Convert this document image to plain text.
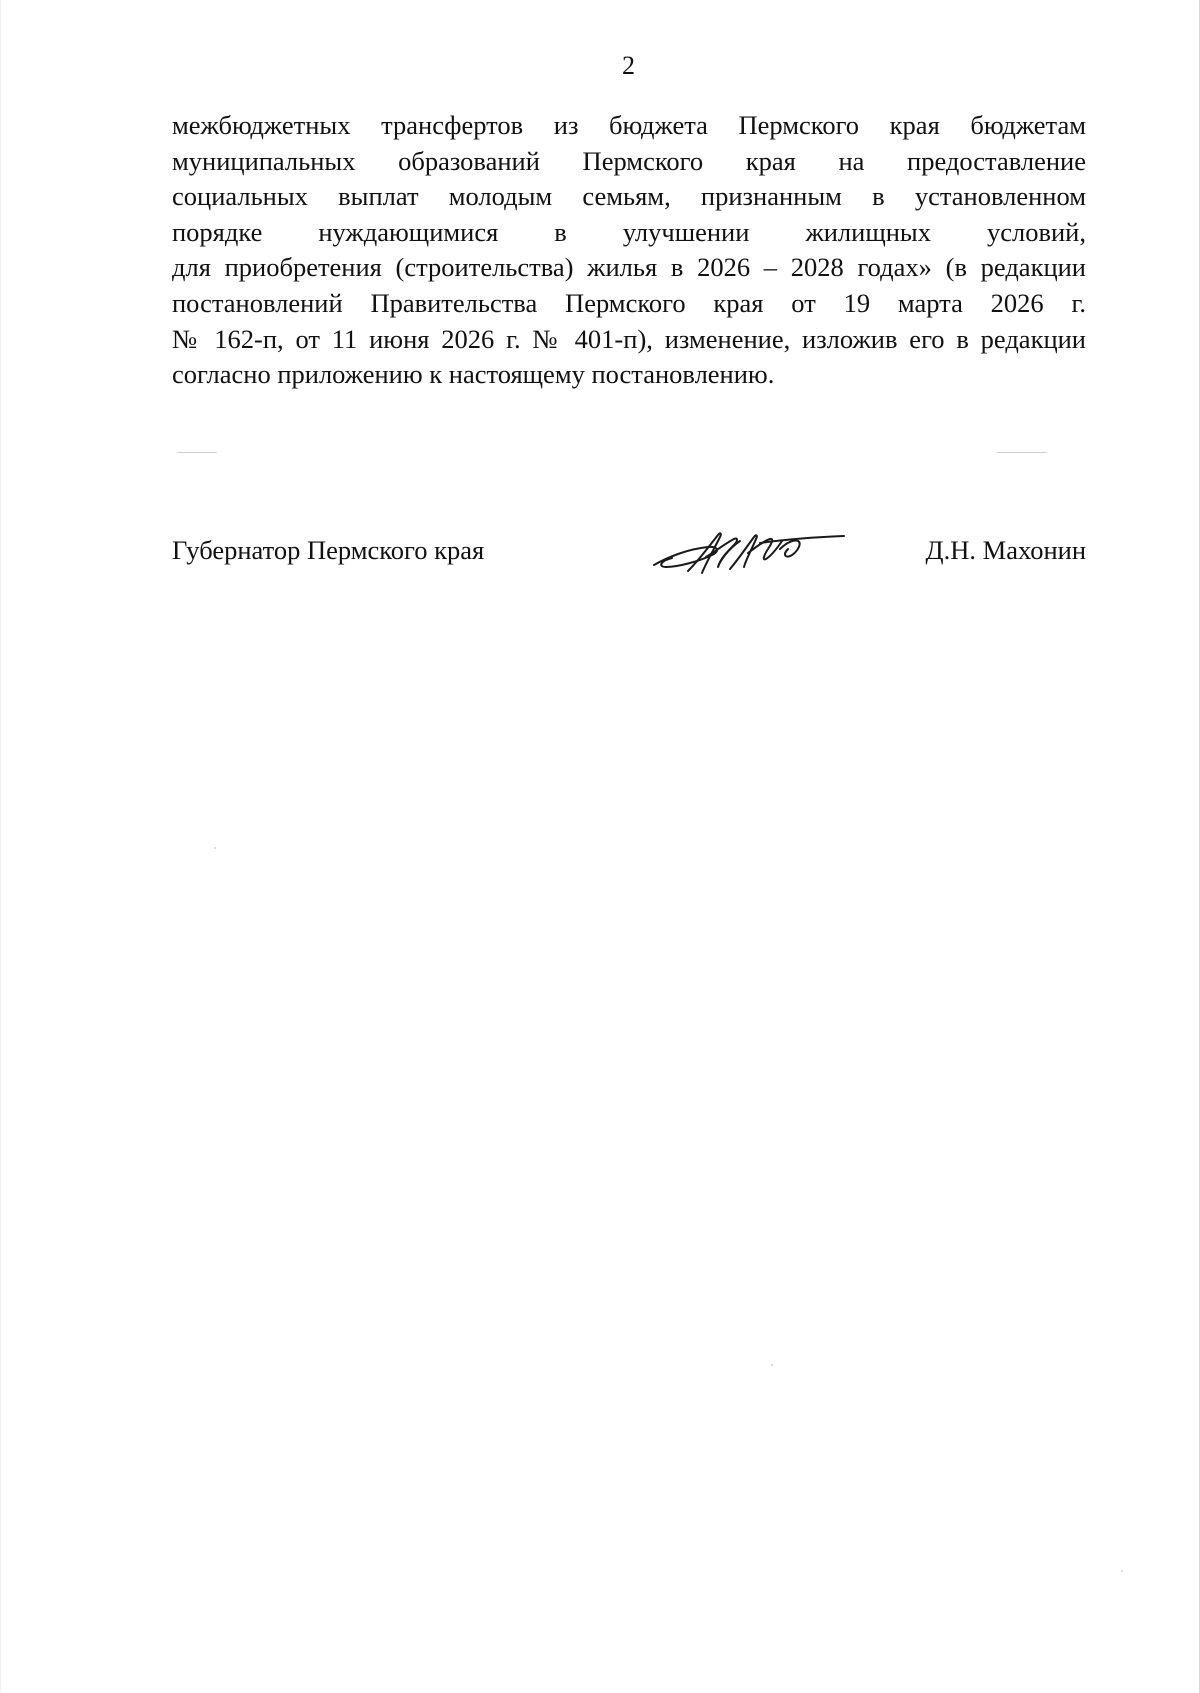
2
межбюджетных трансфертов из бюджета Пермского края бюджетам
муниципальных образований Пермского края на предоставление
социальных выплат молодым семьям, признанным в установленном
порядке нуждающимися в улучшении жилищных условий,
для приобретения (строительства) жилья в 2026 – 2028 годах» (в редакции
постановлений Правительства Пермского края от 19 марта 2026 г.
№ 162-п, от 11 июня 2026 г. № 401-п), изменение, изложив его в редакции
согласно приложению к настоящему постановлению.
Губернатор Пермского края	Д.Н. Махонин
